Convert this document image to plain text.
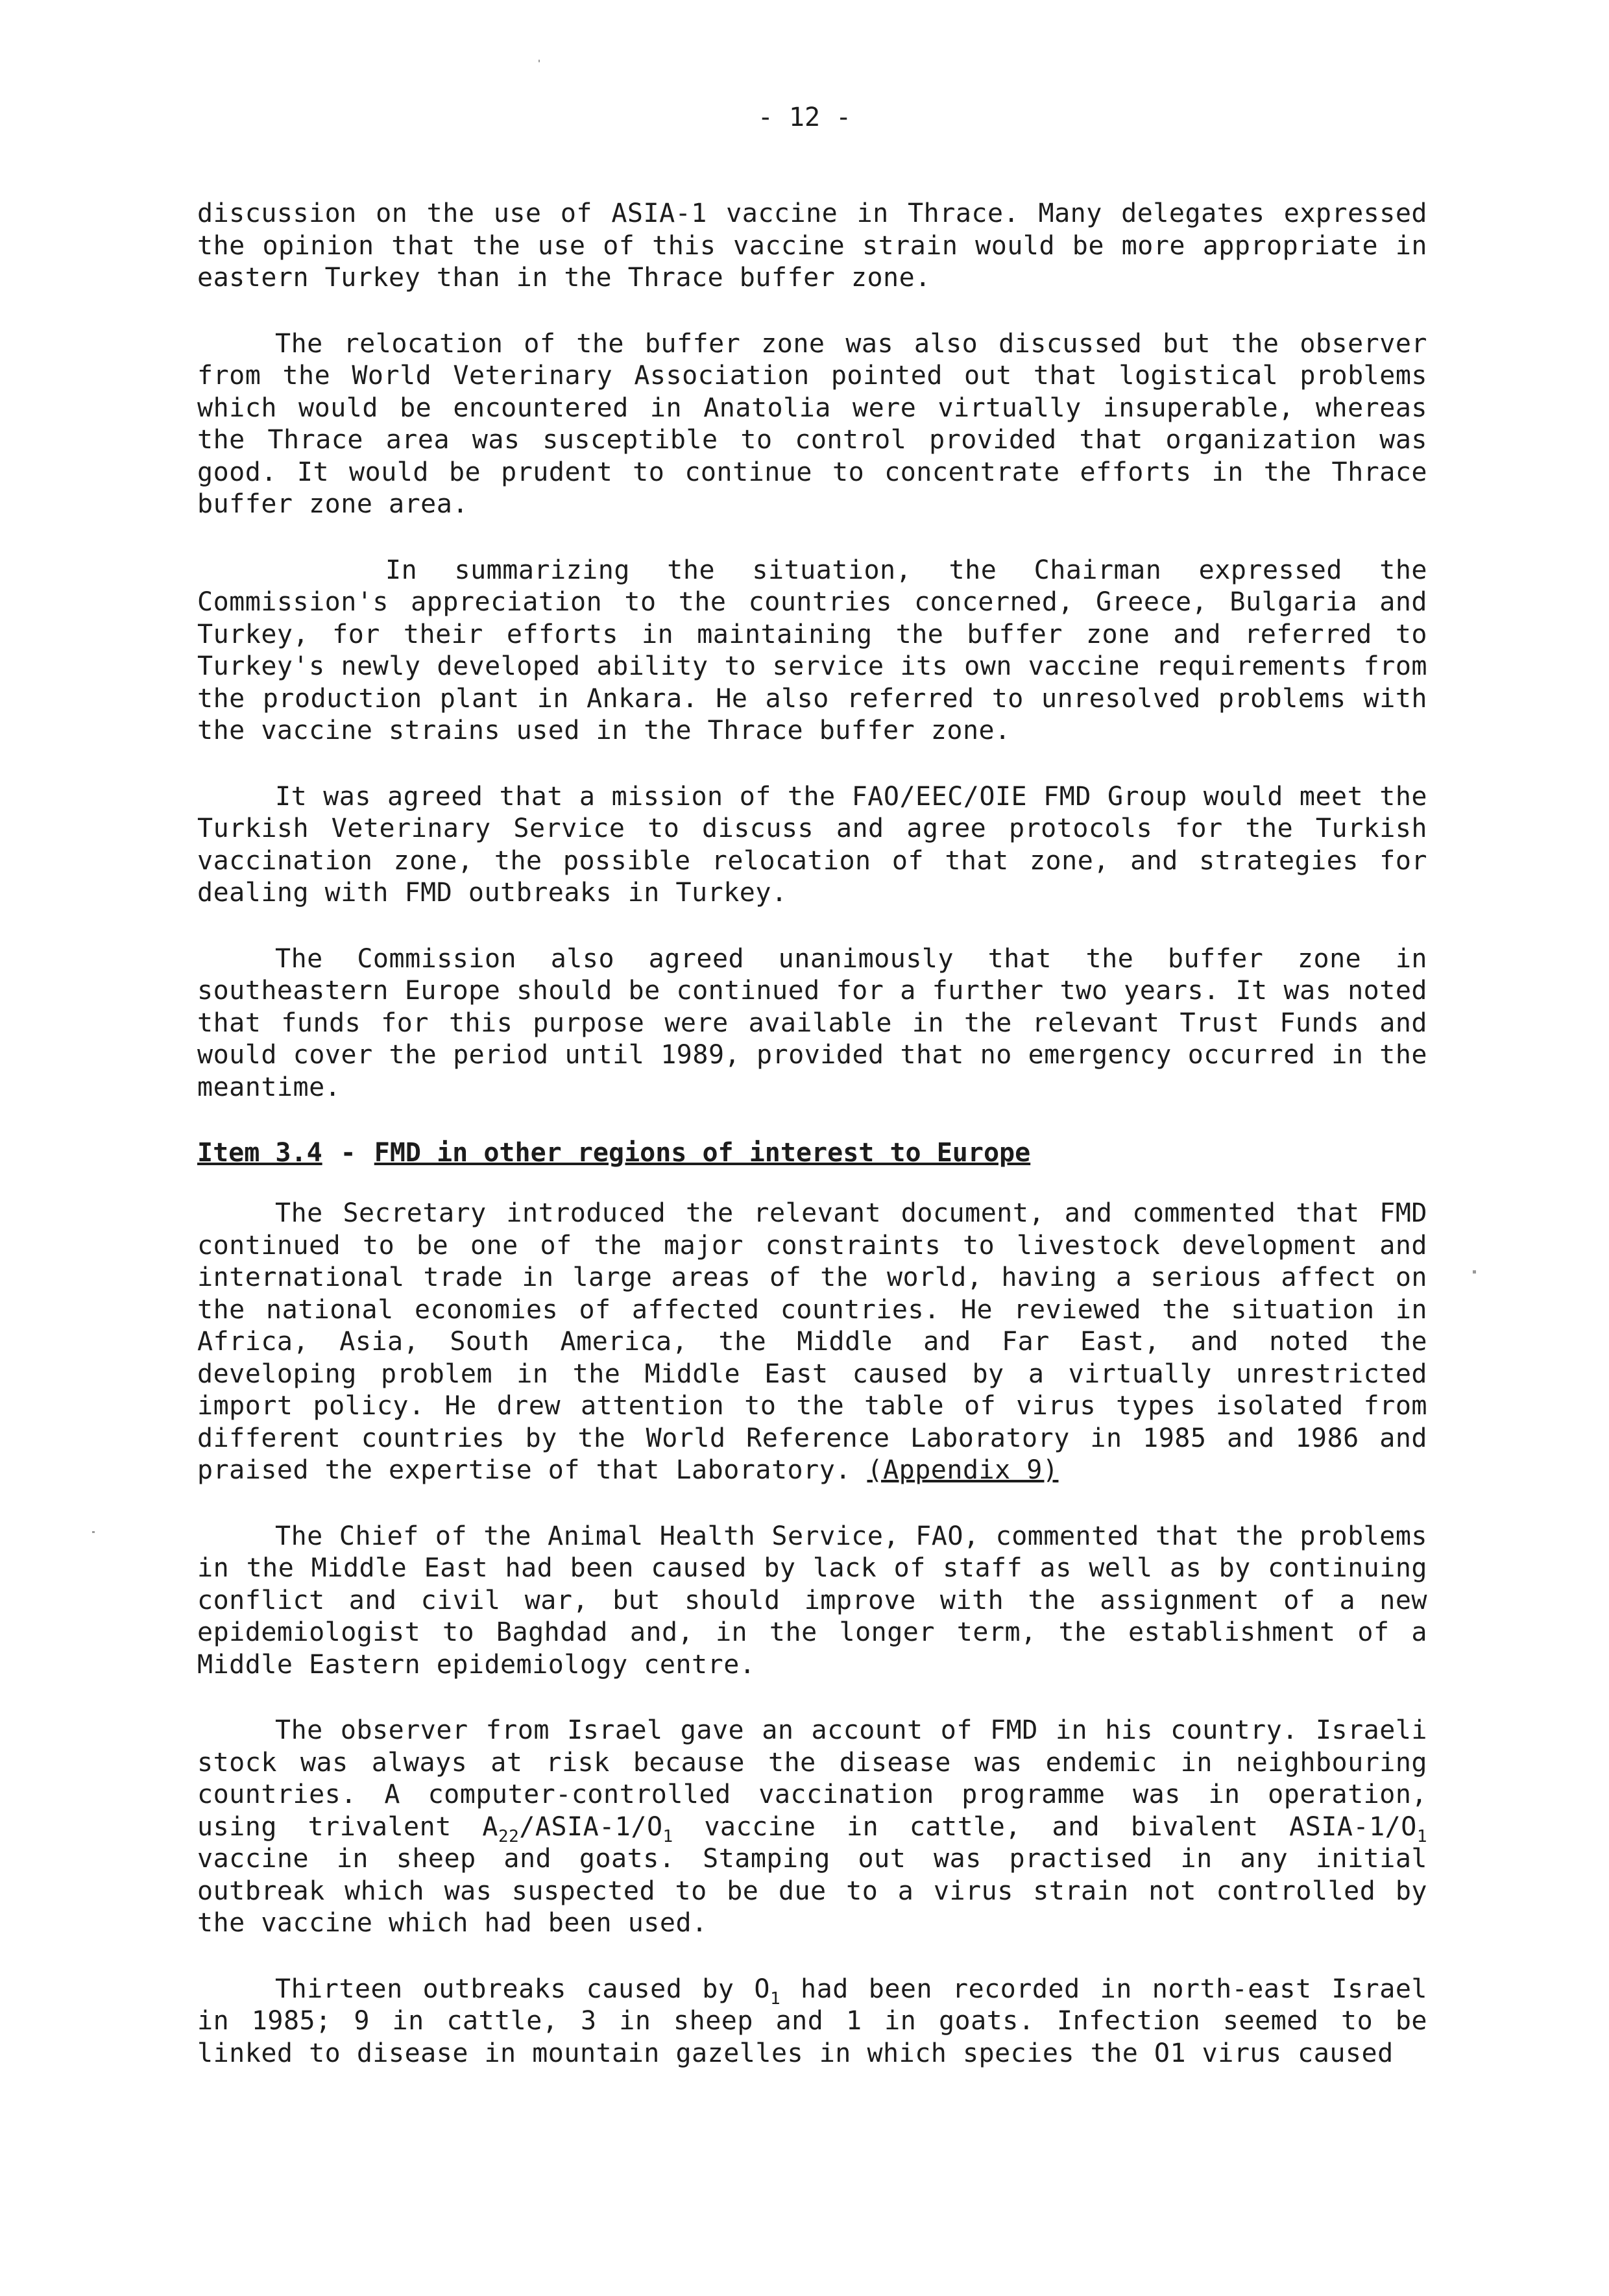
- 12 -

discussion on the use of ASIA-1 vaccine in Thrace. Many delegates expressed the opinion that the use of this vaccine strain would be more appropriate in eastern Turkey than in the Thrace buffer zone.

The relocation of the buffer zone was also discussed but the observer from the World Veterinary Association pointed out that logistical problems which would be encountered in Anatolia were virtually insuperable, whereas the Thrace area was susceptible to control provided that organization was good. It would be prudent to continue to concentrate efforts in the Thrace buffer zone area.

In summarizing the situation, the Chairman expressed the Commission's appreciation to the countries concerned, Greece, Bulgaria and Turkey, for their efforts in maintaining the buffer zone and referred to Turkey's newly developed ability to service its own vaccine requirements from the production plant in Ankara. He also referred to unresolved problems with the vaccine strains used in the Thrace buffer zone.

It was agreed that a mission of the FAO/EEC/OIE FMD Group would meet the Turkish Veterinary Service to discuss and agree protocols for the Turkish vaccination zone, the possible relocation of that zone, and strategies for dealing with FMD outbreaks in Turkey.

The Commission also agreed unanimously that the buffer zone in southeastern Europe should be continued for a further two years. It was noted that funds for this purpose were available in the relevant Trust Funds and would cover the period until 1989, provided that no emergency occurred in the meantime.

Item 3.4 - FMD in other regions of interest to Europe

The Secretary introduced the relevant document, and commented that FMD continued to be one of the major constraints to livestock development and international trade in large areas of the world, having a serious affect on the national economies of affected countries. He reviewed the situation in Africa, Asia, South America, the Middle and Far East, and noted the developing problem in the Middle East caused by a virtually unrestricted import policy. He drew attention to the table of virus types isolated from different countries by the World Reference Laboratory in 1985 and 1986 and praised the expertise of that Laboratory. (Appendix 9)

The Chief of the Animal Health Service, FAO, commented that the problems in the Middle East had been caused by lack of staff as well as by continuing conflict and civil war, but should improve with the assignment of a new epidemiologist to Baghdad and, in the longer term, the establishment of a Middle Eastern epidemiology centre.

The observer from Israel gave an account of FMD in his country. Israeli stock was always at risk because the disease was endemic in neighbouring countries. A computer-controlled vaccination programme was in operation, using trivalent $A_{22}/ASIA-1/O_1$ vaccine in cattle, and bivalent ASIA-$1/O_1$ vaccine in sheep and goats. Stamping out was practised in any initial outbreak which was suspected to be due to a virus strain not controlled by the vaccine which had been used.

Thirteen outbreaks caused by $O_1$ had been recorded in north-east Israel in 1985; 9 in cattle, 3 in sheep and 1 in goats. Infection seemed to be linked to disease in mountain gazelles in which species the O1 virus caused
